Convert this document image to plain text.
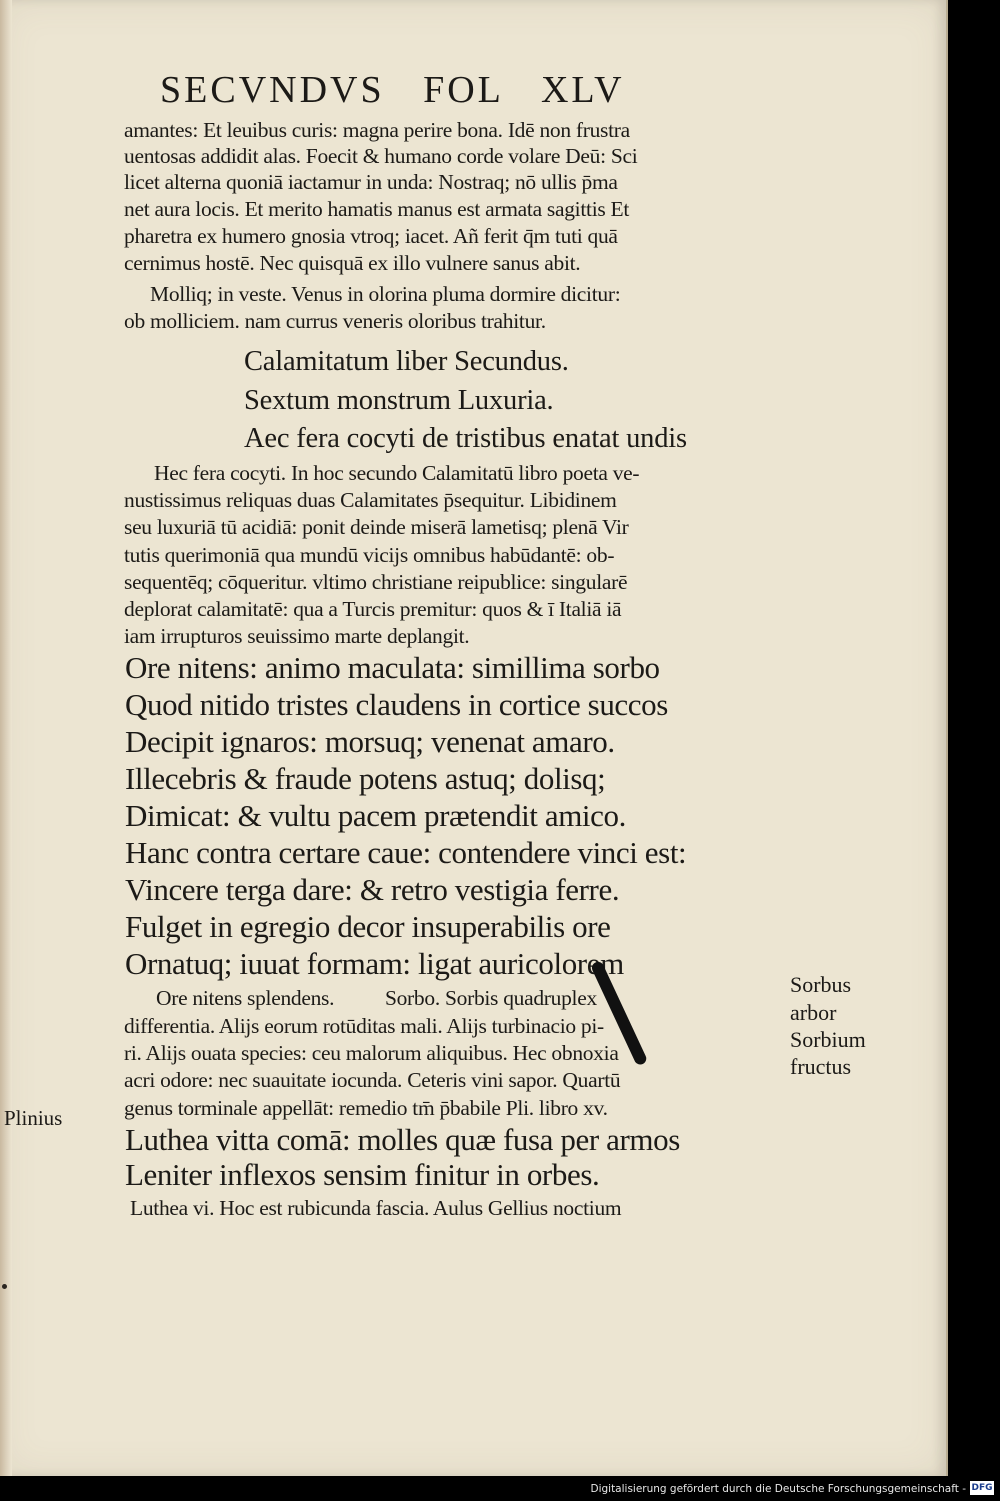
SECVNDVS FOL XLV
amantes: Et leuibus curis: magna perire bona. Idē non frustra
uentosas addidit alas. Foecit & humano corde volare Deū: Sci
licet alterna quoniā iactamur in unda: Nostraq; nō ullis p̄ma
net aura locis. Et merito hamatis manus est armata sagittis Et
pharetra ex humero gnosia vtroq; iacet. Añ ferit q̄m tuti quā
cernimus hostē. Nec quisquā ex illo vulnere sanus abit.
Molliq; in veste. Venus in olorina pluma dormire dicitur:
ob molliciem. nam currus veneris oloribus trahitur.
Calamitatum liber Secundus.
Sextum monstrum Luxuria.
Aec fera cocyti de tristibus enatat undis
Hec fera cocyti. In hoc secundo Calamitatū libro poeta ve-
nustissimus reliquas duas Calamitates p̄sequitur. Libidinem
seu luxuriā tū acidiā: ponit deinde miserā lametisq; plenā Vir
tutis querimoniā qua mundū vicijs omnibus habūdantē: ob-
sequentēq; cōqueritur. vltimo christiane reipublice: singularē
deplorat calamitatē: qua a Turcis premitur: quos & ī Italiā iā
iam irrupturos seuissimo marte deplangit.
Ore nitens: animo maculata: simillima sorbo
Quod nitido tristes claudens in cortice succos
Decipit ignaros: morsuq; venenat amaro.
Illecebris & fraude potens astuq; dolisq;
Dimicat: & vultu pacem prætendit amico.
Hanc contra certare caue: contendere vinci est:
Vincere terga dare: & retro vestigia ferre.
Fulget in egregio decor insuperabilis ore
Ornatuq; iuuat formam: ligat auricolorem
Ore nitens splendens.          Sorbo. Sorbis quadruplex
differentia. Alijs eorum rotūditas mali. Alijs turbinacio pi-
ri. Alijs ouata species: ceu malorum aliquibus. Hec obnoxia
acri odore: nec suauitate iocunda. Ceteris vini sapor. Quartū
genus torminale appellāt: remedio tm̄ p̄babile Pli. libro xv.
Luthea vitta comā: molles quæ fusa per armos
Leniter inflexos sensim finitur in orbes.
Luthea vi. Hoc est rubicunda fascia. Aulus Gellius noctium
Sorbus
arbor
Sorbium
fructus
Plinius
Digitalisierung gefördert durch die Deutsche Forschungsgemeinschaft - DFG
